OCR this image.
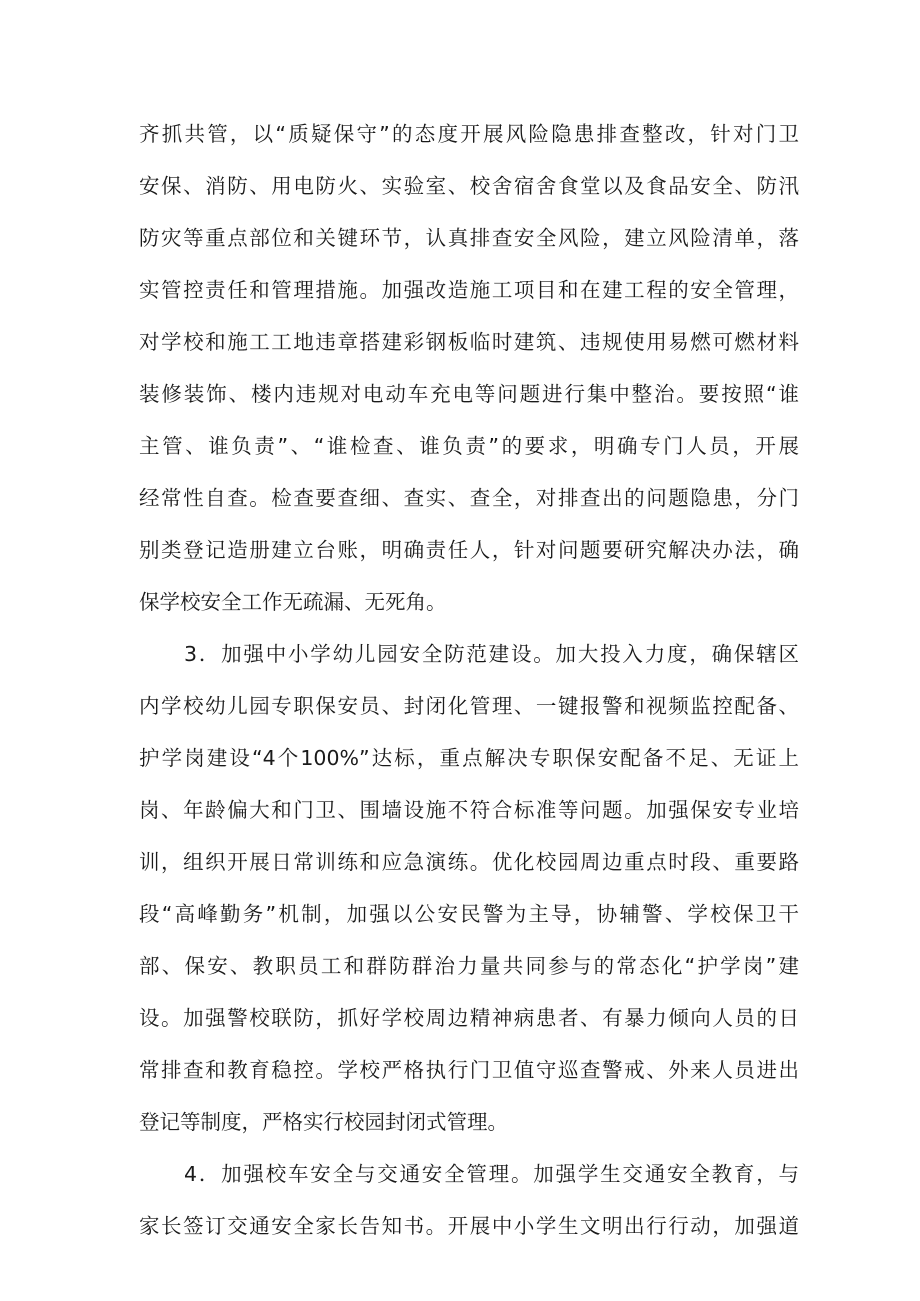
齐抓共管，以“质疑保守”的态度开展风险隐患排查整改，针对门卫
安保、消防、用电防火、实验室、校舍宿舍食堂以及食品安全、防汛
防灾等重点部位和关键环节，认真排查安全风险，建立风险清单，落
实管控责任和管理措施。加强改造施工项目和在建工程的安全管理，
对学校和施工工地违章搭建彩钢板临时建筑、违规使用易燃可燃材料
装修装饰、楼内违规对电动车充电等问题进行集中整治。要按照“谁
主管、谁负责”、“谁检查、谁负责”的要求，明确专门人员，开展
经常性自查。检查要查细、查实、查全，对排查出的问题隐患，分门
别类登记造册建立台账，明确责任人，针对问题要研究解决办法，确
保学校安全工作无疏漏、无死角。
3．加强中小学幼儿园安全防范建设。加大投入力度，确保辖区
内学校幼儿园专职保安员、封闭化管理、一键报警和视频监控配备、
护学岗建设“4个100%”达标，重点解决专职保安配备不足、无证上
岗、年龄偏大和门卫、围墙设施不符合标准等问题。加强保安专业培
训，组织开展日常训练和应急演练。优化校园周边重点时段、重要路
段“高峰勤务”机制，加强以公安民警为主导，协辅警、学校保卫干
部、保安、教职员工和群防群治力量共同参与的常态化“护学岗”建
设。加强警校联防，抓好学校周边精神病患者、有暴力倾向人员的日
常排查和教育稳控。学校严格执行门卫值守巡查警戒、外来人员进出
登记等制度，严格实行校园封闭式管理。
4．加强校车安全与交通安全管理。加强学生交通安全教育，与
家长签订交通安全家长告知书。开展中小学生文明出行行动，加强道
